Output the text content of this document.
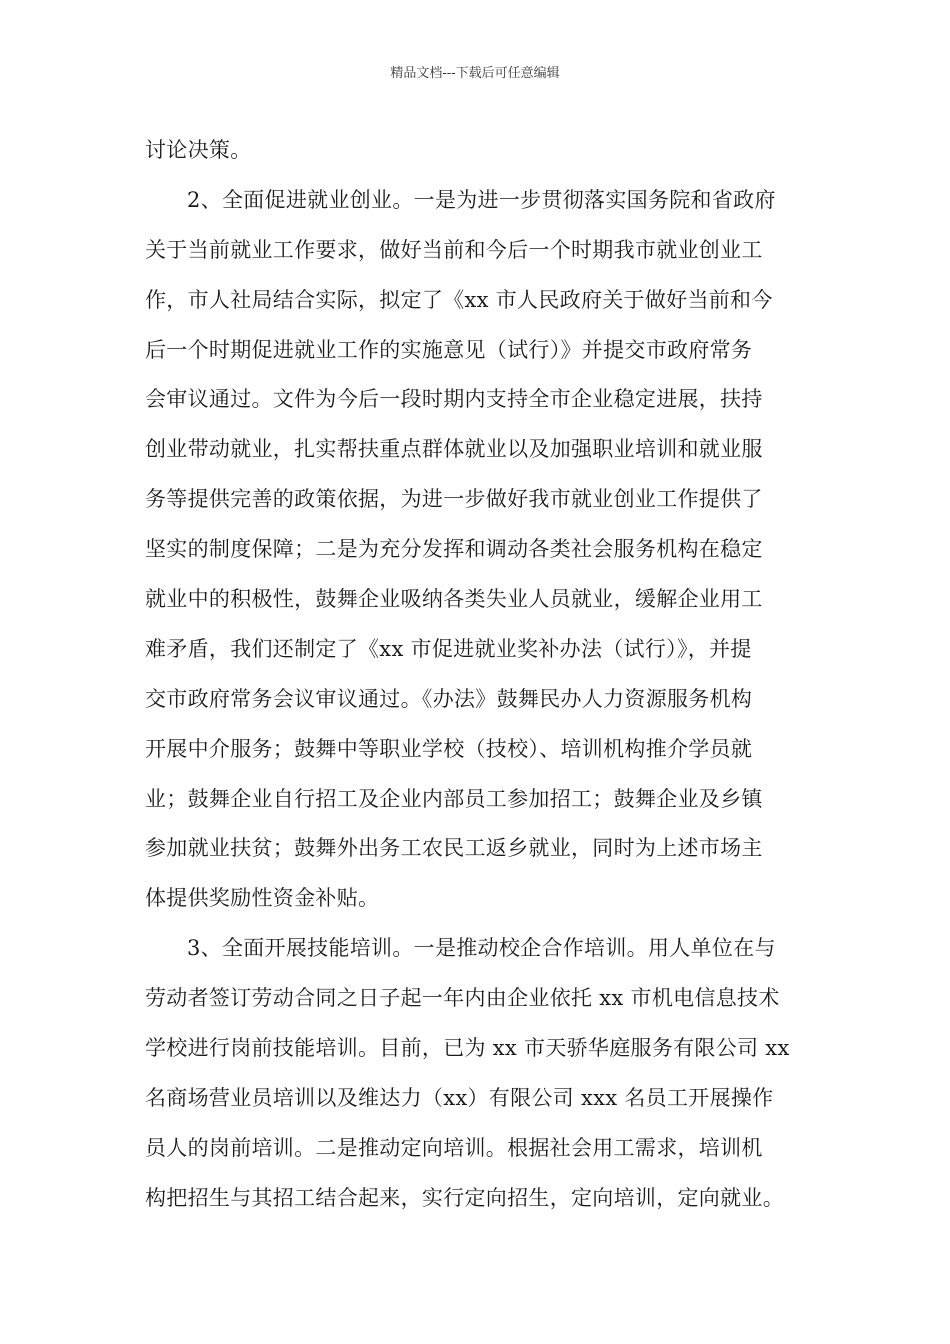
精品文档---下载后可任意编辑
讨论决策。
2、全面促进就业创业。一是为进一步贯彻落实国务院和省政府
关于当前就业工作要求，做好当前和今后一个时期我市就业创业工
作，市人社局结合实际，拟定了《xx 市人民政府关于做好当前和今
后一个时期促进就业工作的实施意见（试行）》并提交市政府常务
会审议通过。文件为今后一段时期内支持全市企业稳定进展，扶持
创业带动就业，扎实帮扶重点群体就业以及加强职业培训和就业服
务等提供完善的政策依据，为进一步做好我市就业创业工作提供了
坚实的制度保障；二是为充分发挥和调动各类社会服务机构在稳定
就业中的积极性，鼓舞企业吸纳各类失业人员就业，缓解企业用工
难矛盾，我们还制定了《xx 市促进就业奖补办法（试行）》，并提
交市政府常务会议审议通过。《办法》鼓舞民办人力资源服务机构
开展中介服务；鼓舞中等职业学校（技校）、培训机构推介学员就
业；鼓舞企业自行招工及企业内部员工参加招工；鼓舞企业及乡镇
参加就业扶贫；鼓舞外出务工农民工返乡就业，同时为上述市场主
体提供奖励性资金补贴。
3、全面开展技能培训。一是推动校企合作培训。用人单位在与
劳动者签订劳动合同之日子起一年内由企业依托 xx 市机电信息技术
学校进行岗前技能培训。目前，已为 xx 市天骄华庭服务有限公司 xx
名商场营业员培训以及维达力（xx）有限公司 xxx 名员工开展操作
员人的岗前培训。二是推动定向培训。根据社会用工需求，培训机
构把招生与其招工结合起来，实行定向招生，定向培训，定向就业。
